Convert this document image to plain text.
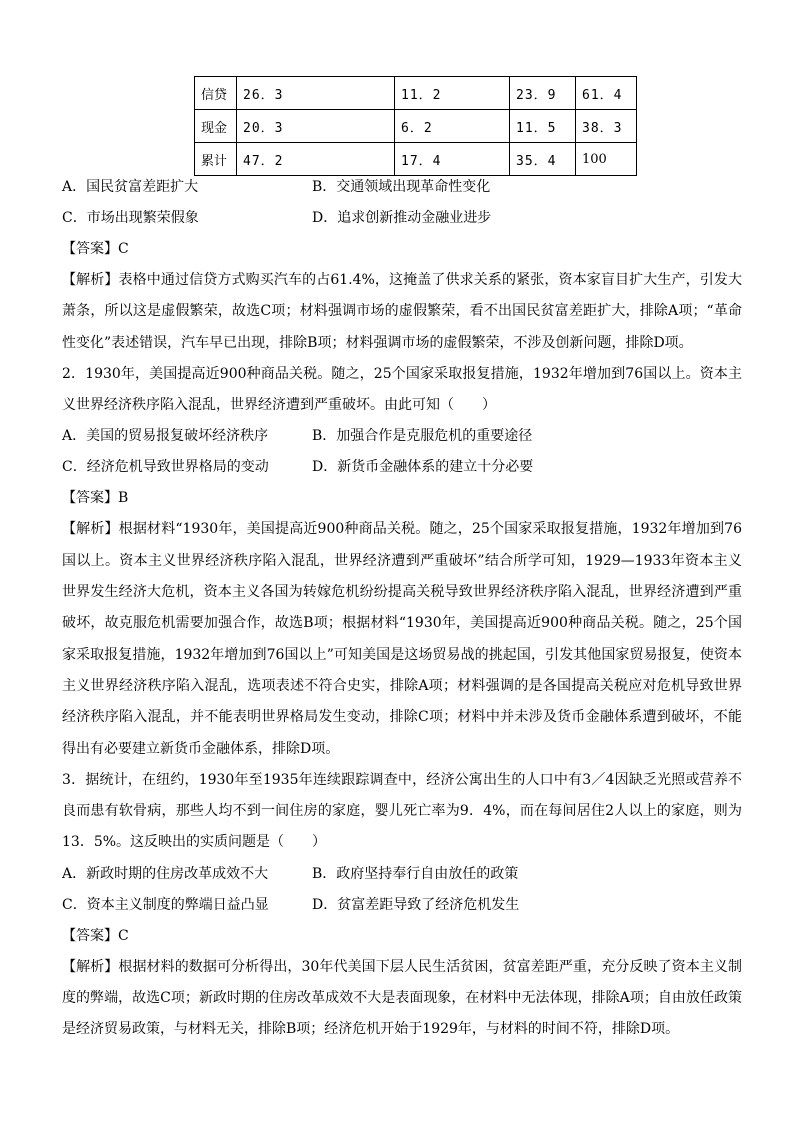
信贷	26．3	11．2	23．9	61．4
现金	20．3	6．2	11．5	38．3
累计	47．2	17．4	35．4	100
A．国民贫富差距扩大	B．交通领域出现革命性变化
C．市场出现繁荣假象	D．追求创新推动金融业进步
【答案】C
【解析】表格中通过信贷方式购买汽车的占61.4%，这掩盖了供求关系的紧张，资本家盲目扩大生产，引发大萧条，所以这是虚假繁荣，故选C项；材料强调市场的虚假繁荣，看不出国民贫富差距扩大，排除A项；“革命性变化”表述错误，汽车早已出现，排除B项；材料强调市场的虚假繁荣，不涉及创新问题，排除D项。
2．1930年，美国提高近900种商品关税。随之，25个国家采取报复措施，1932年增加到76国以上。资本主义世界经济秩序陷入混乱，世界经济遭到严重破坏。由此可知（　　）
A．美国的贸易报复破坏经济秩序	B．加强合作是克服危机的重要途径
C．经济危机导致世界格局的变动	D．新货币金融体系的建立十分必要
【答案】B
【解析】根据材料“1930年，美国提高近900种商品关税。随之，25个国家采取报复措施，1932年增加到76国以上。资本主义世界经济秩序陷入混乱，世界经济遭到严重破坏”结合所学可知，1929—1933年资本主义世界发生经济大危机，资本主义各国为转嫁危机纷纷提高关税导致世界经济秩序陷入混乱，世界经济遭到严重破坏，故克服危机需要加强合作，故选B项；根据材料“1930年，美国提高近900种商品关税。随之，25个国家采取报复措施，1932年增加到76国以上”可知美国是这场贸易战的挑起国，引发其他国家贸易报复，使资本主义世界经济秩序陷入混乱，选项表述不符合史实，排除A项；材料强调的是各国提高关税应对危机导致世界经济秩序陷入混乱，并不能表明世界格局发生变动，排除C项；材料中并未涉及货币金融体系遭到破坏，不能得出有必要建立新货币金融体系，排除D项。
3．据统计，在纽约，1930年至1935年连续跟踪调查中，经济公寓出生的人口中有3／4因缺乏光照或营养不良而患有软骨病，那些人均不到一间住房的家庭，婴儿死亡率为9．4%，而在每间居住2人以上的家庭，则为13．5%。这反映出的实质问题是（　　）
A．新政时期的住房改革成效不大	B．政府坚持奉行自由放任的政策
C．资本主义制度的弊端日益凸显	D．贫富差距导致了经济危机发生
【答案】C
【解析】根据材料的数据可分析得出，30年代美国下层人民生活贫困，贫富差距严重，充分反映了资本主义制度的弊端，故选C项；新政时期的住房改革成效不大是表面现象，在材料中无法体现，排除A项；自由放任政策是经济贸易政策，与材料无关，排除B项；经济危机开始于1929年，与材料的时间不符，排除D项。
